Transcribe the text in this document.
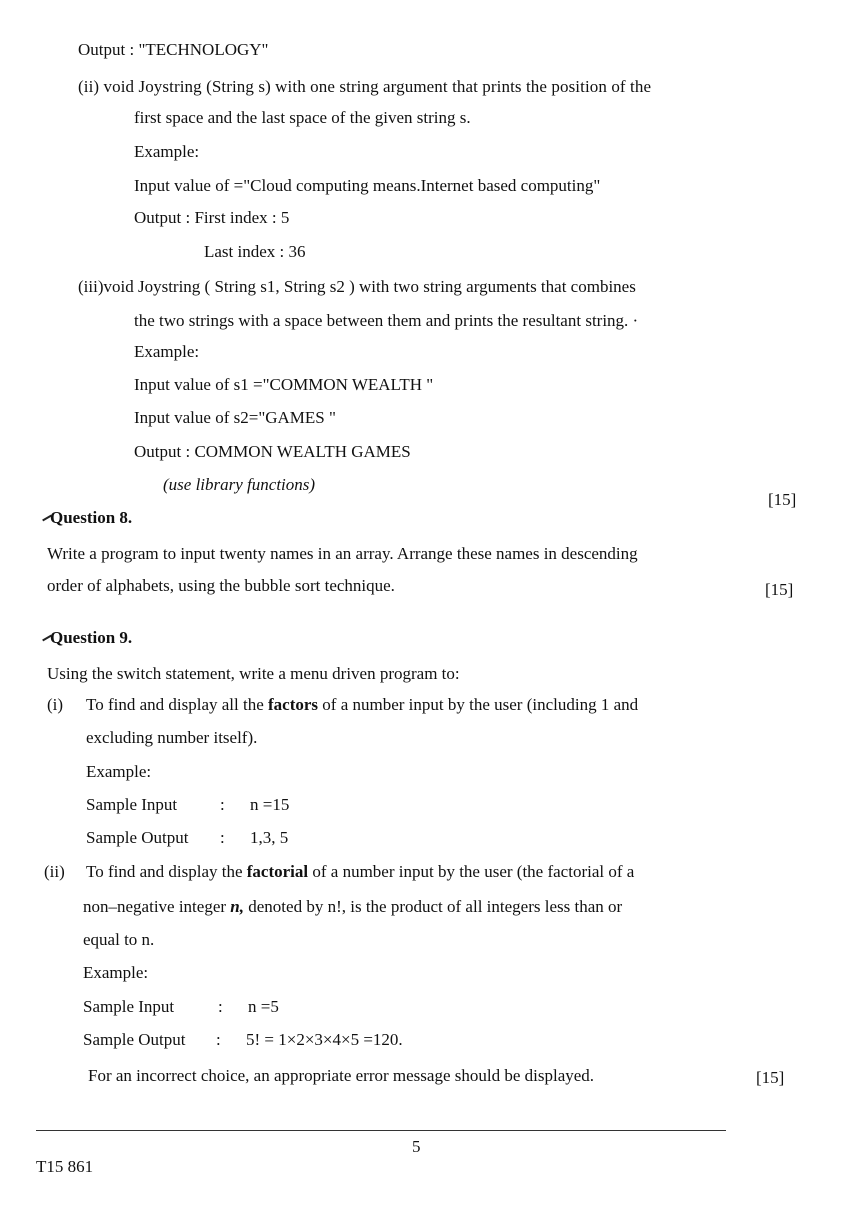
Output : "TECHNOLOGY"
(ii) void Joystring (String s) with one string argument that prints the position of the
first space and the last space of the given string s.
Example:
Input value of ="Cloud computing means.Internet based computing"
Output : First index : 5
Last index : 36
(iii)void Joystring ( String s1, String s2 ) with two string arguments that combines
the two strings with a space between them and prints the resultant string. ·
Example:
Input value of s1 ="COMMON WEALTH "
Input value of s2="GAMES "
Output : COMMON WEALTH GAMES
(use library functions)
[15]
Question 8.
Write a program to input twenty names in an array. Arrange these names in descending
order of alphabets, using the bubble sort technique.	[15]
Question 9.
Using the switch statement, write a menu driven program to:
(i) To find and display all the factors of a number input by the user (including 1 and
excluding number itself).
Example:
Sample Input	: n =15
Sample Output : 1,3, 5
(ii) To find and display the factorial of a number input by the user (the factorial of a
non–negative integer n, denoted by n!, is the product of all integers less than or
equal to n.
Example:
Sample Input	: n =5
Sample Output : 5! = 1×2×3×4×5 =120.
For an incorrect choice, an appropriate error message should be displayed.	[15]
5
T15 861
